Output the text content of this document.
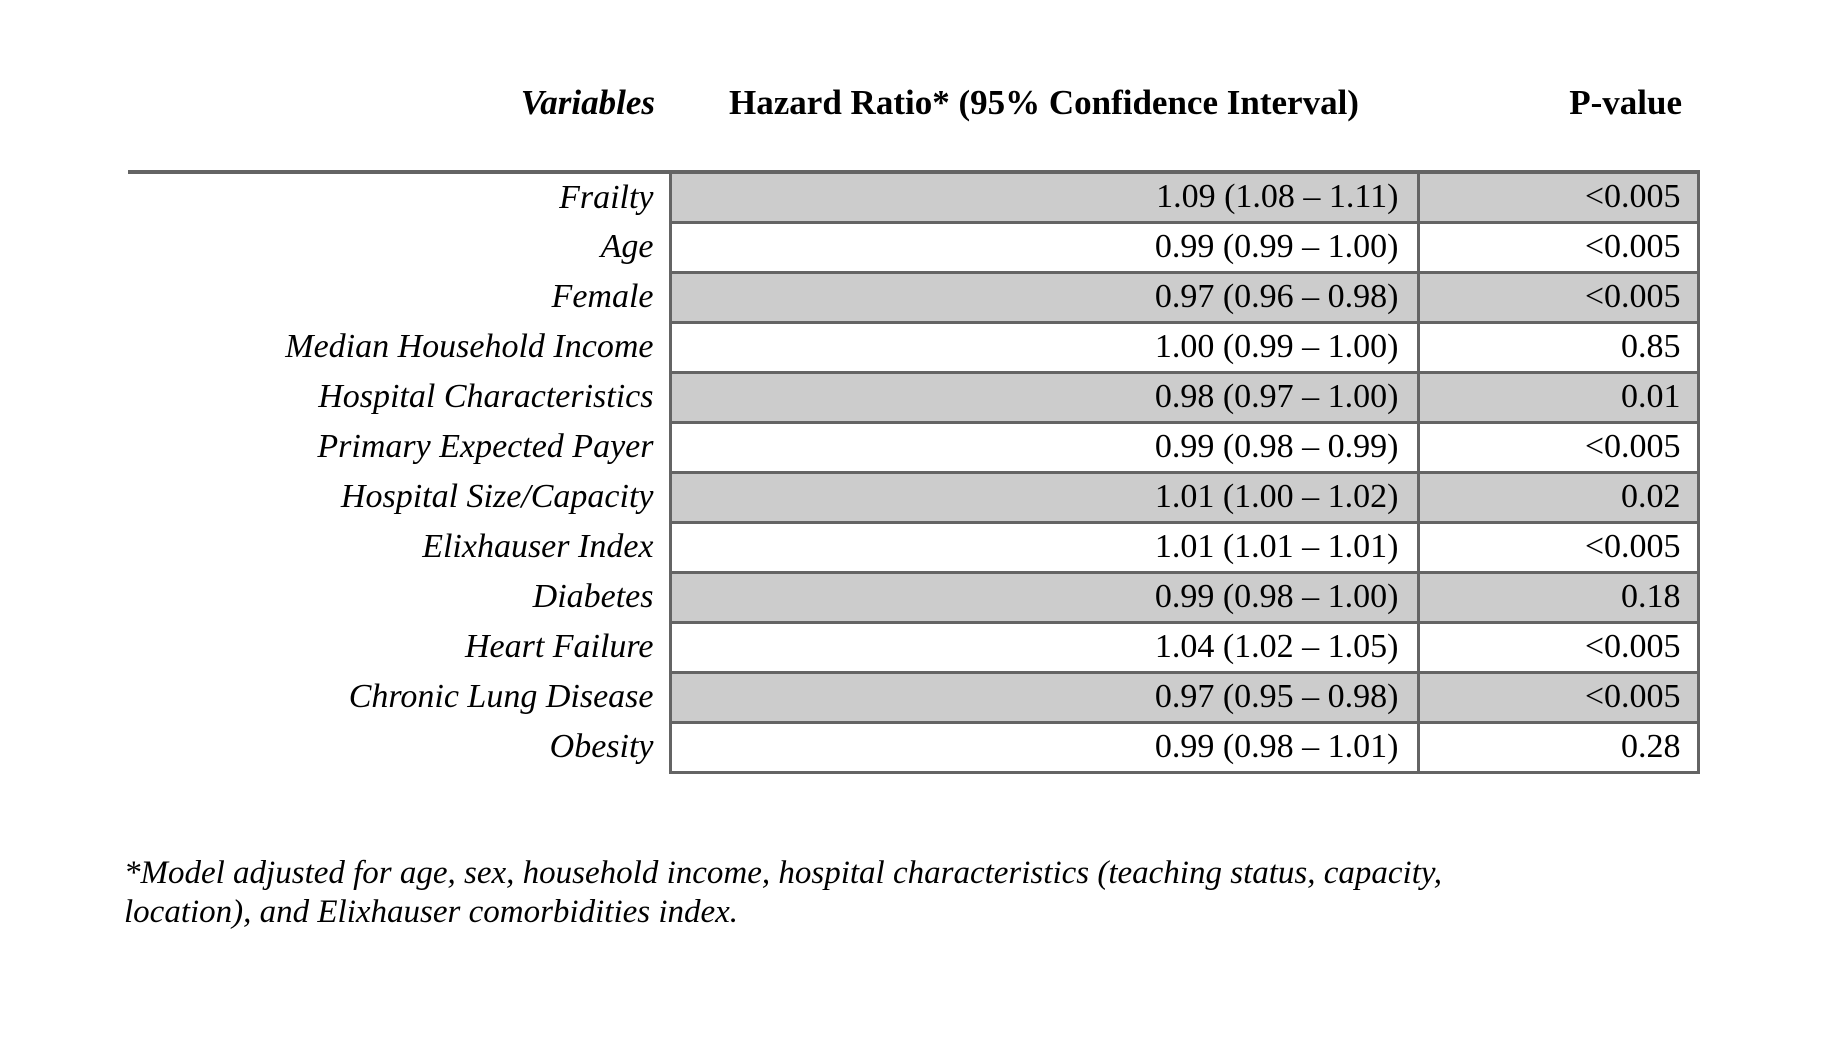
Variables	Hazard Ratio* (95% Confidence Interval)	P-value
Frailty	1.09 (1.08 – 1.11)	<0.005
Age	0.99 (0.99 – 1.00)	<0.005
Female	0.97 (0.96 – 0.98)	<0.005
Median Household Income	1.00 (0.99 – 1.00)	0.85
Hospital Characteristics	0.98 (0.97 – 1.00)	0.01
Primary Expected Payer	0.99 (0.98 – 0.99)	<0.005
Hospital Size/Capacity	1.01 (1.00 – 1.02)	0.02
Elixhauser Index	1.01 (1.01 – 1.01)	<0.005
Diabetes	0.99 (0.98 – 1.00)	0.18
Heart Failure	1.04 (1.02 – 1.05)	<0.005
Chronic Lung Disease	0.97 (0.95 – 0.98)	<0.005
Obesity	0.99 (0.98 – 1.01)	0.28
*Model adjusted for age, sex, household income, hospital characteristics (teaching status, capacity,
location), and Elixhauser comorbidities index.
